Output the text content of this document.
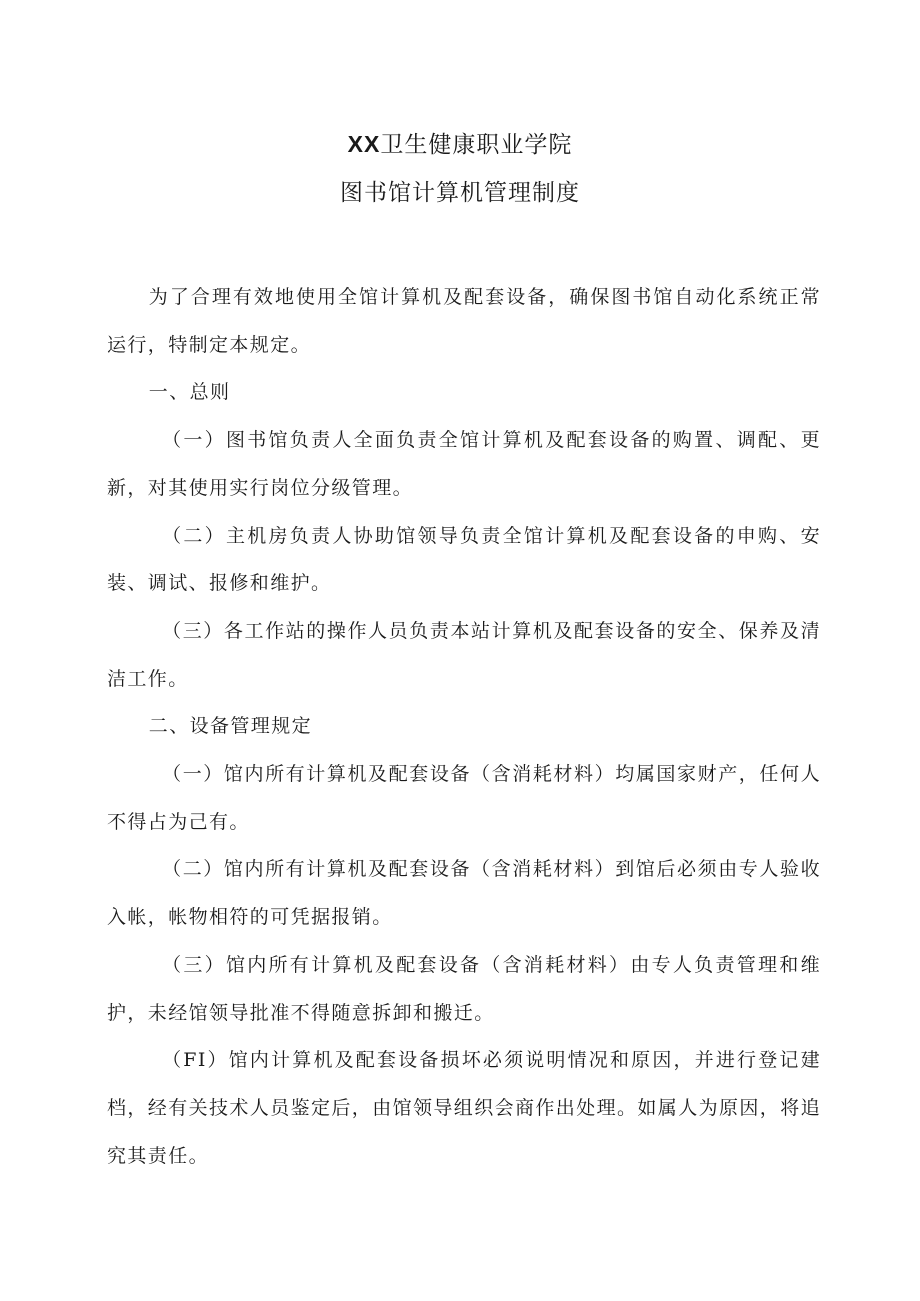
XX卫生健康职业学院
图书馆计算机管理制度

为了合理有效地使用全馆计算机及配套设备，确保图书馆自动化系统正常运行，特制定本规定。

一、总则

（一）图书馆负责人全面负责全馆计算机及配套设备的购置、调配、更新，对其使用实行岗位分级管理。

（二）主机房负责人协助馆领导负责全馆计算机及配套设备的申购、安装、调试、报修和维护。

（三）各工作站的操作人员负责本站计算机及配套设备的安全、保养及清洁工作。

二、设备管理规定

（一）馆内所有计算机及配套设备（含消耗材料）均属国家财产，任何人不得占为己有。

（二）馆内所有计算机及配套设备（含消耗材料）到馆后必须由专人验收入帐，帐物相符的可凭据报销。

（三）馆内所有计算机及配套设备（含消耗材料）由专人负责管理和维护，未经馆领导批准不得随意拆卸和搬迁。

（FI）馆内计算机及配套设备损坏必须说明情况和原因，并进行登记建档，经有关技术人员鉴定后，由馆领导组织会商作出处理。如属人为原因，将追究其责任。
